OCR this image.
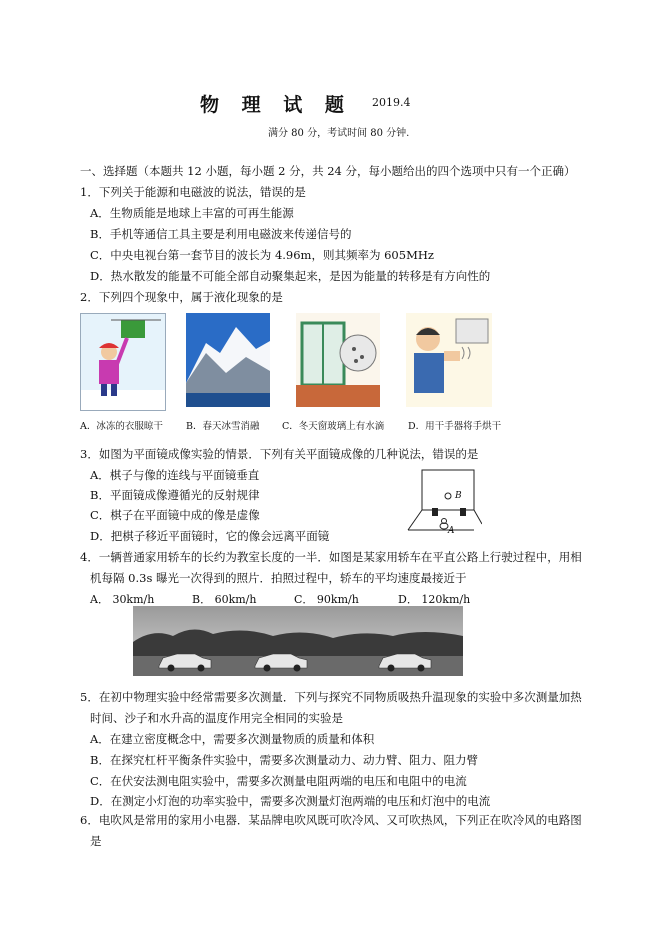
物 理 试 题 2019.4
满分 80 分，考试时间 80 分钟.
一、选择题（本题共 12 小题，每小题 2 分，共 24 分，每小题给出的四个选项中只有一个正确）
1．下列关于能源和电磁波的说法，错误的是
A．生物质能是地球上丰富的可再生能源
B．手机等通信工具主要是利用电磁波来传递信号的
C．中央电视台第一套节目的波长为 4.96m，则其频率为 605MHz
D．热水散发的能量不可能全部自动聚集起来，是因为能量的转移是有方向性的
2．下列四个现象中，属于液化现象的是
A．冰冻的衣服晾干 B．春天冰雪消融 C．冬天窗玻璃上有水滴 D．用干手器将手烘干
3．如图为平面镜成像实验的情景．下列有关平面镜成像的几种说法，错误的是
A．棋子与像的连线与平面镜垂直
B．平面镜成像遵循光的反射规律
C．棋子在平面镜中成的像是虚像
D．把棋子移近平面镜时，它的像会远离平面镜
B
A
4．一辆普通家用轿车的长约为教室长度的一半．如图是某家用轿车在平直公路上行驶过程中，用相
机每隔 0.3s 曝光一次得到的照片．拍照过程中，轿车的平均速度最接近于
A． 30km/h	B． 60km/h	C． 90km/h	D． 120km/h
5．在初中物理实验中经常需要多次测量．下列与探究不同物质吸热升温现象的实验中多次测量加热
时间、沙子和水升高的温度作用完全相同的实验是
A．在建立密度概念中，需要多次测量物质的质量和体积
B．在探究杠杆平衡条件实验中，需要多次测量动力、动力臂、阻力、阻力臂
C．在伏安法测电阻实验中，需要多次测量电阻两端的电压和电阻中的电流
D．在测定小灯泡的功率实验中，需要多次测量灯泡两端的电压和灯泡中的电流
6．电吹风是常用的家用小电器．某品牌电吹风既可吹冷风、又可吹热风，下列正在吹冷风的电路图
是
